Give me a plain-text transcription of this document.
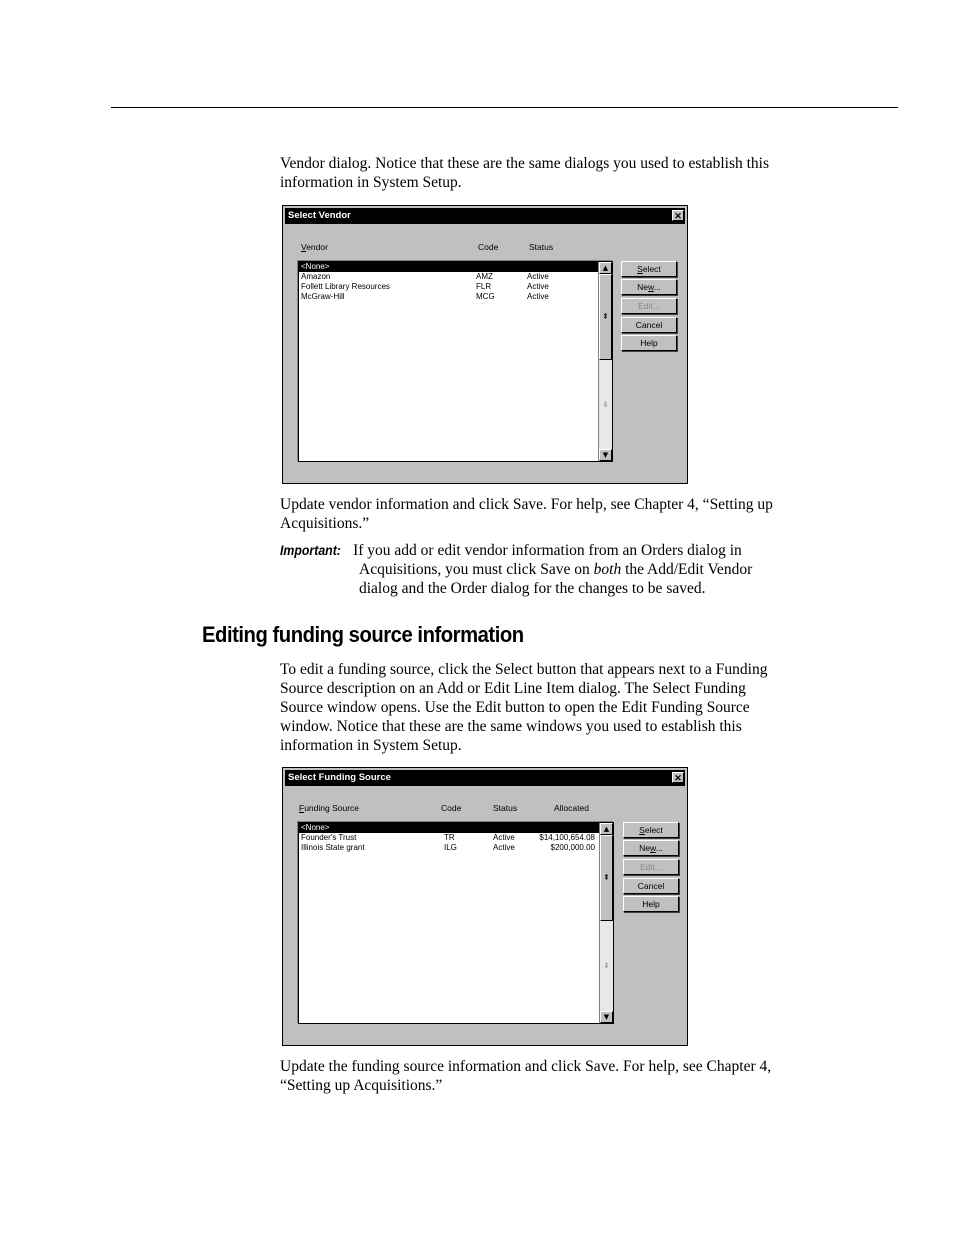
Vendor dialog. Notice that these are the same dialogs you used to establish this

information in System Setup.

Select Vendor	✕
Vendor	Code	Status
<None>
Amazon	AMZ	Active
Follett Library Resources	FLR	Active
McGraw-Hill	MCG	Active
▲
⇞
⇟
▼
Select
New...
Edit...
Cancel
Help

Update vendor information and click Save. For help, see Chapter 4, “Setting up

Acquisitions.”

Important: If you add or edit vendor information from an Orders dialog in
Acquisitions, you must click Save on both the Add/Edit Vendor
dialog and the Order dialog for the changes to be saved.
Editing funding source information

To edit a funding source, click the Select button that appears next to a Funding

Source description on an Add or Edit Line Item dialog. The Select Funding

Source window opens. Use the Edit button to open the Edit Funding Source

window. Notice that these are the same windows you used to establish this

information in System Setup.

Select Funding Source	✕
Funding Source	Code	Status	Allocated
<None>
Founder's Trust	TR	Active	$14,100,654.08
Illinois State grant	ILG	Active	$200,000.00
▲
⇞
⇟
▼
Select
New...
Edit...
Cancel
Help

Update the funding source information and click Save. For help, see Chapter 4,

“Setting up Acquisitions.”
